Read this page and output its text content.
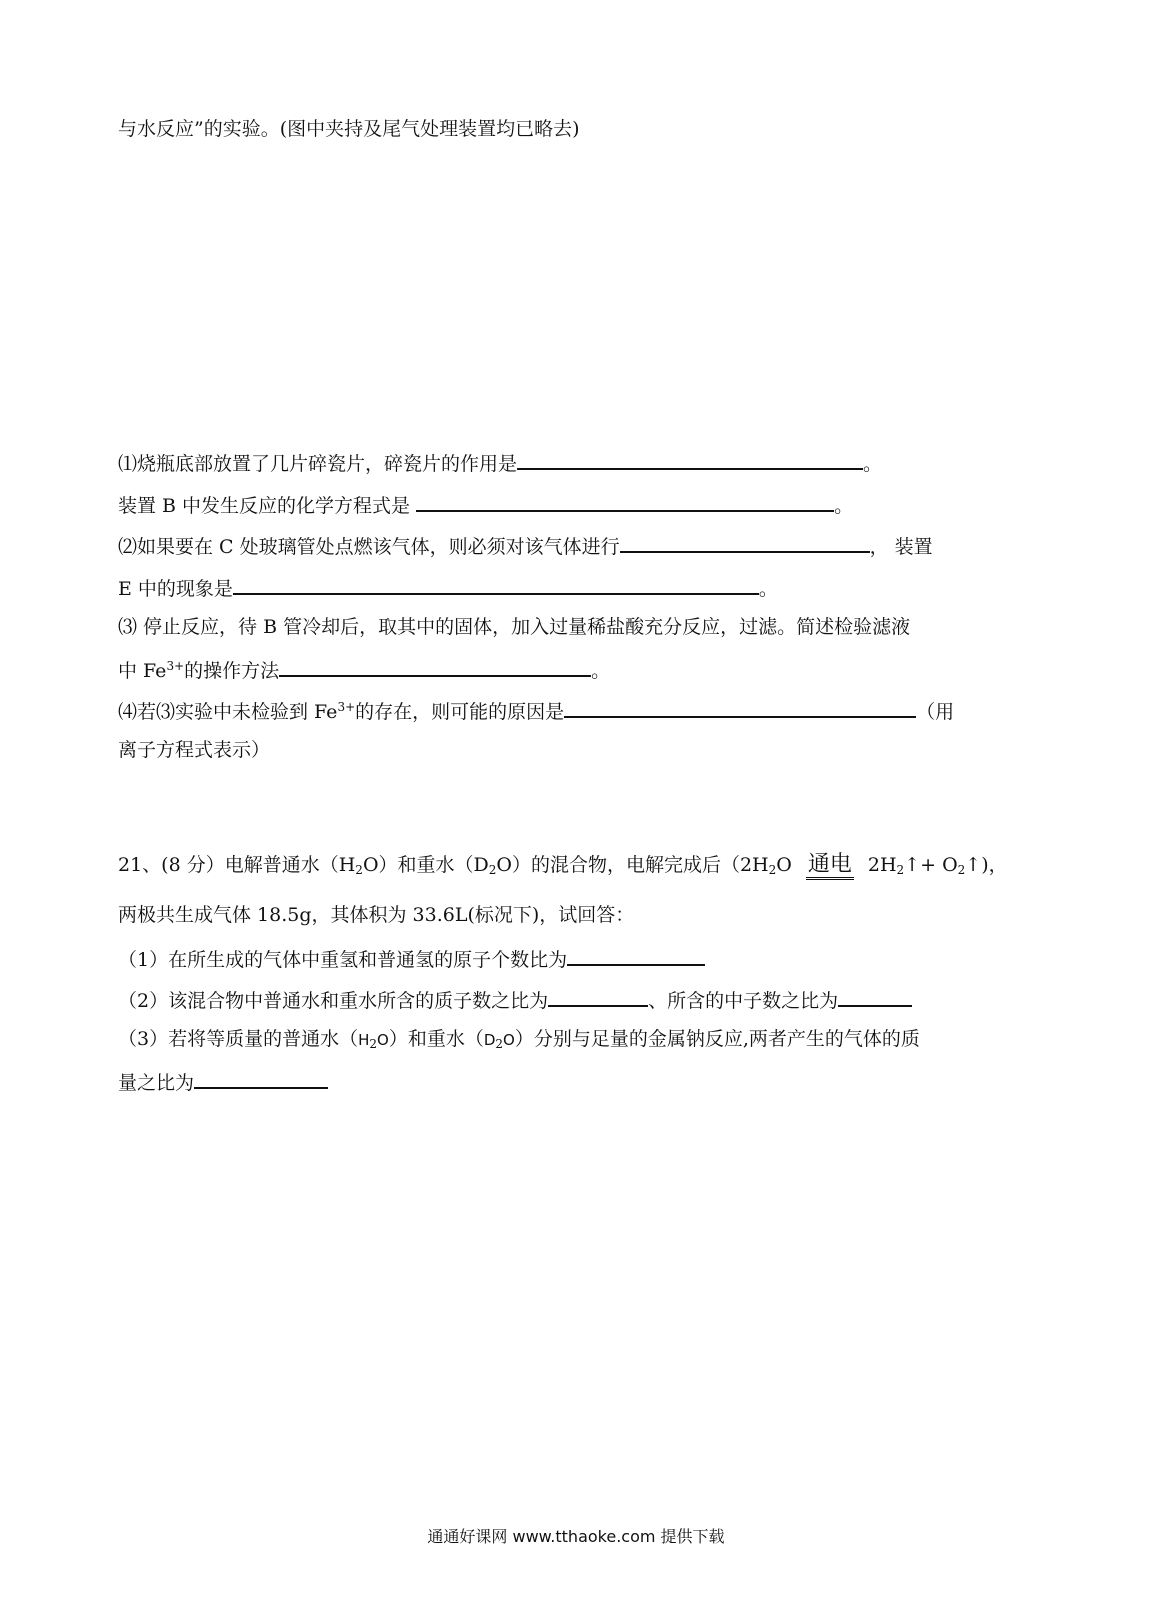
与水反应”的实验。(图中夹持及尾气处理装置均已略去)
⑴烧瓶底部放置了几片碎瓷片，碎瓷片的作用是	。
装置 B 中发生反应的化学方程式是	。
⑵如果要在 C 处玻璃管处点燃该气体，则必须对该气体进行	， 装置
E 中的现象是	。
⑶ 停止反应，待 B 管冷却后，取其中的固体，加入过量稀盐酸充分反应，过滤。简述检验滤液
中 $Fe^{3+}$的操作方法	。
⑷若⑶实验中未检验到 $Fe^{3+}$的存在，则可能的原因是	（用
离子方程式表示）
21、(8 分）电解普通水$(H_2O)$和重水$(D_2O)$的混合物，电解完成后（$2H_2O$ 通电 $2H_2↑+$ $O_2↑$)，
两极共生成气体 18.5g，其体积为 33.6L(标况下)，试回答：
（1）在所生成的气体中重氢和普通氢的原子个数比为
（2）该混合物中普通水和重水所含的质子数之比为	、所含的中子数之比为
（3）若将等质量的普通水$(H_2O)$和重水$(D_2O)$分别与足量的金属钠反应,两者产生的气体的质
量之比为
通通好课网 www.tthaoke.com 提供下载
